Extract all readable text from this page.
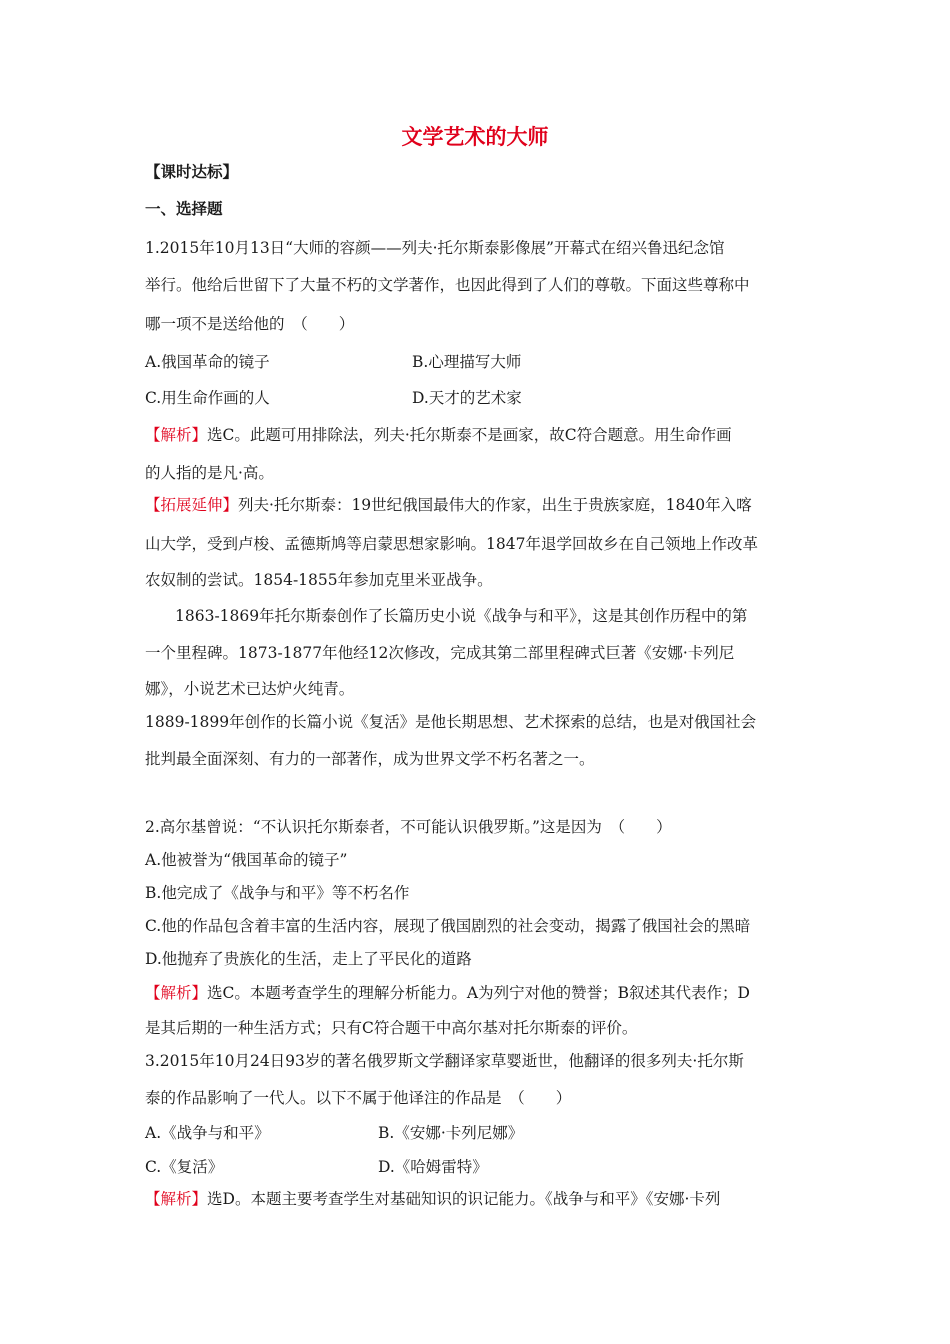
文学艺术的大师
【课时达标】
一、选择题
1.2015年10月13日“大师的容颜——列夫·托尔斯泰影像展”开幕式在绍兴鲁迅纪念馆
举行。他给后世留下了大量不朽的文学著作，也因此得到了人们的尊敬。下面这些尊称中
哪一项不是送给他的　（　　）
A.俄国革命的镜子	B.心理描写大师
C.用生命作画的人	D.天才的艺术家
【解析】选C。此题可用排除法，列夫·托尔斯泰不是画家，故C符合题意。用生命作画
的人指的是凡·高。
【拓展延伸】列夫·托尔斯泰：19世纪俄国最伟大的作家，出生于贵族家庭，1840年入喀
山大学，受到卢梭、孟德斯鸠等启蒙思想家影响。1847年退学回故乡在自己领地上作改革
农奴制的尝试。1854-1855年参加克里米亚战争。
1863-1869年托尔斯泰创作了长篇历史小说《战争与和平》，这是其创作历程中的第
一个里程碑。1873-1877年他经12次修改，完成其第二部里程碑式巨著《安娜·卡列尼
娜》，小说艺术已达炉火纯青。
1889-1899年创作的长篇小说《复活》是他长期思想、艺术探索的总结，也是对俄国社会
批判最全面深刻、有力的一部著作，成为世界文学不朽名著之一。
2.高尔基曾说：“不认识托尔斯泰者，不可能认识俄罗斯。”这是因为　（　　）
A.他被誉为“俄国革命的镜子”
B.他完成了《战争与和平》等不朽名作
C.他的作品包含着丰富的生活内容，展现了俄国剧烈的社会变动，揭露了俄国社会的黑暗
D.他抛弃了贵族化的生活，走上了平民化的道路
【解析】选C。本题考查学生的理解分析能力。A为列宁对他的赞誉；B叙述其代表作；D
是其后期的一种生活方式；只有C符合题干中高尔基对托尔斯泰的评价。
3.2015年10月24日93岁的著名俄罗斯文学翻译家草婴逝世，他翻译的很多列夫·托尔斯
泰的作品影响了一代人。以下不属于他译注的作品是　（　　）
A.《战争与和平》	B.《安娜·卡列尼娜》
C.《复活》	D.《哈姆雷特》
【解析】选D。本题主要考查学生对基础知识的识记能力。《战争与和平》《安娜·卡列
